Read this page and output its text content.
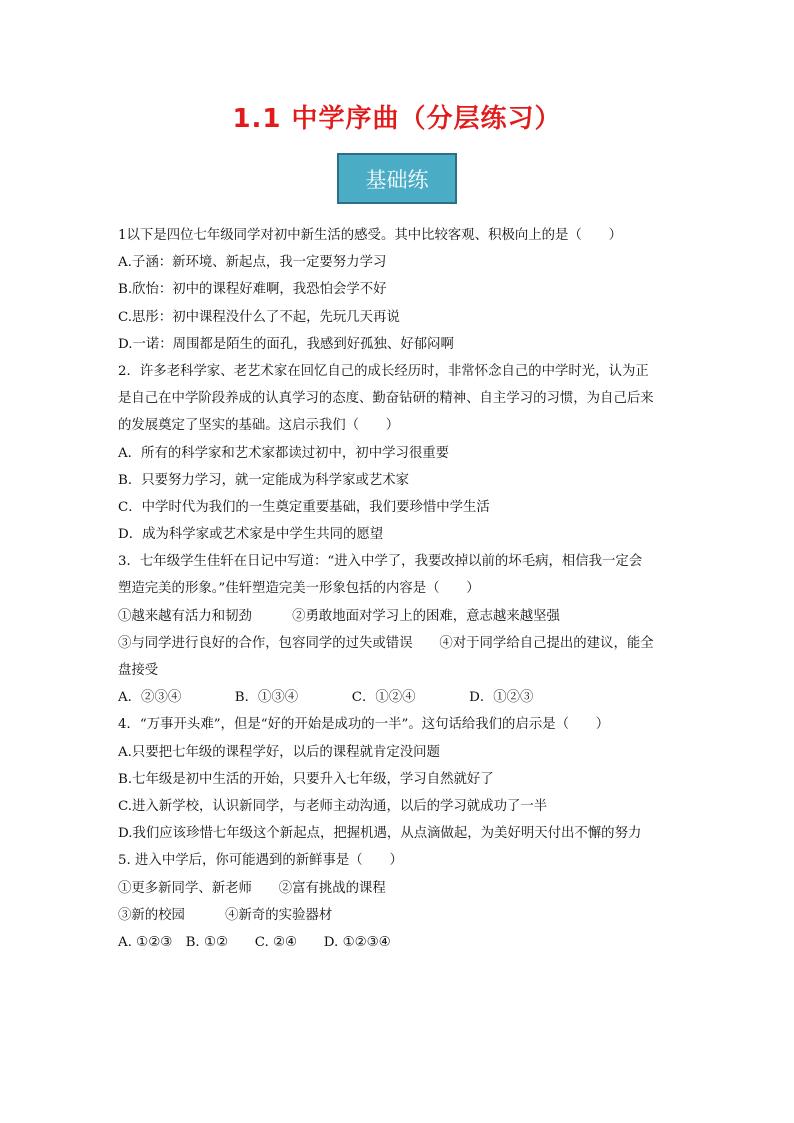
1.1 中学序曲（分层练习）
基础练
1以下是四位七年级同学对初中新生活的感受。其中比较客观、积极向上的是（　　）
A.子涵：新环境、新起点，我一定要努力学习
B.欣怡：初中的课程好难啊，我恐怕会学不好
C.思彤：初中课程没什么了不起，先玩几天再说
D.一诺：周围都是陌生的面孔，我感到好孤独、好郁闷啊
2．许多老科学家、老艺术家在回忆自己的成长经历时，非常怀念自己的中学时光，认为正
是自己在中学阶段养成的认真学习的态度、勤奋钻研的精神、自主学习的习惯，为自己后来
的发展奠定了坚实的基础。这启示我们（　　）
A．所有的科学家和艺术家都读过初中，初中学习很重要
B．只要努力学习，就一定能成为科学家或艺术家
C．中学时代为我们的一生奠定重要基础，我们要珍惜中学生活
D．成为科学家或艺术家是中学生共同的愿望
3．七年级学生佳轩在日记中写道：“进入中学了，我要改掉以前的坏毛病，相信我一定会
塑造完美的形象。”佳轩塑造完美一形象包括的内容是（　　）
①越来越有活力和韧劲　　　②勇敢地面对学习上的困难，意志越来越坚强
③与同学进行良好的合作，包容同学的过失或错误　　④对于同学给自己提出的建议，能全
盘接受
A．②③④　　　　B．①③④　　　　C．①②④　　　　D．①②③
4．“万事开头难”，但是“好的开始是成功的一半”。这句话给我们的启示是（　　）
A.只要把七年级的课程学好，以后的课程就肯定没问题
B.七年级是初中生活的开始，只要升入七年级，学习自然就好了
C.进入新学校，认识新同学，与老师主动沟通，以后的学习就成功了一半
D.我们应该珍惜七年级这个新起点，把握机遇，从点滴做起，为美好明天付出不懈的努力
5. 进入中学后，你可能遇到的新鲜事是（　　）
①更多新同学、新老师　　②富有挑战的课程
③新的校园　　　④新奇的实验器材
A. ①②③　B. ①②　　C. ②④　　D. ①②③④
